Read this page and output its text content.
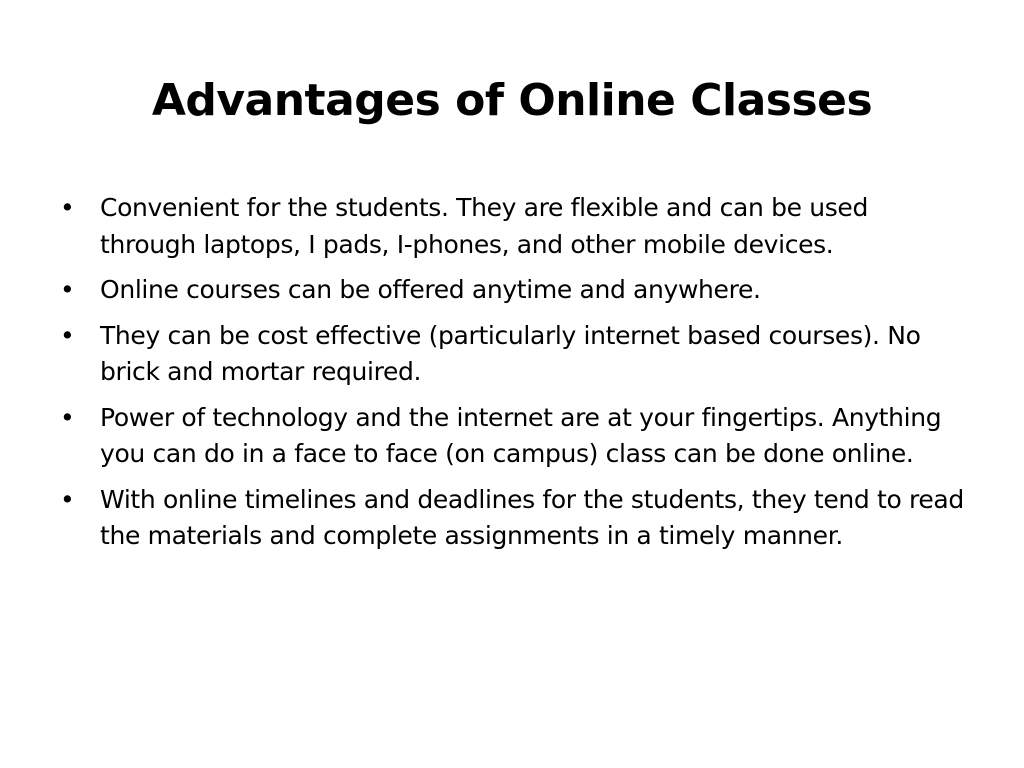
Advantages of Online Classes
• Convenient for the students. They are flexible and can be used through laptops, I pads, I-phones, and other mobile devices.
• Online courses can be offered anytime and anywhere.
• They can be cost effective (particularly internet based courses). No brick and mortar required.
• Power of technology and the internet are at your fingertips. Anything you can do in a face to face (on campus) class can be done online.
• With online timelines and deadlines for the students, they tend to read the materials and complete assignments in a timely manner.
